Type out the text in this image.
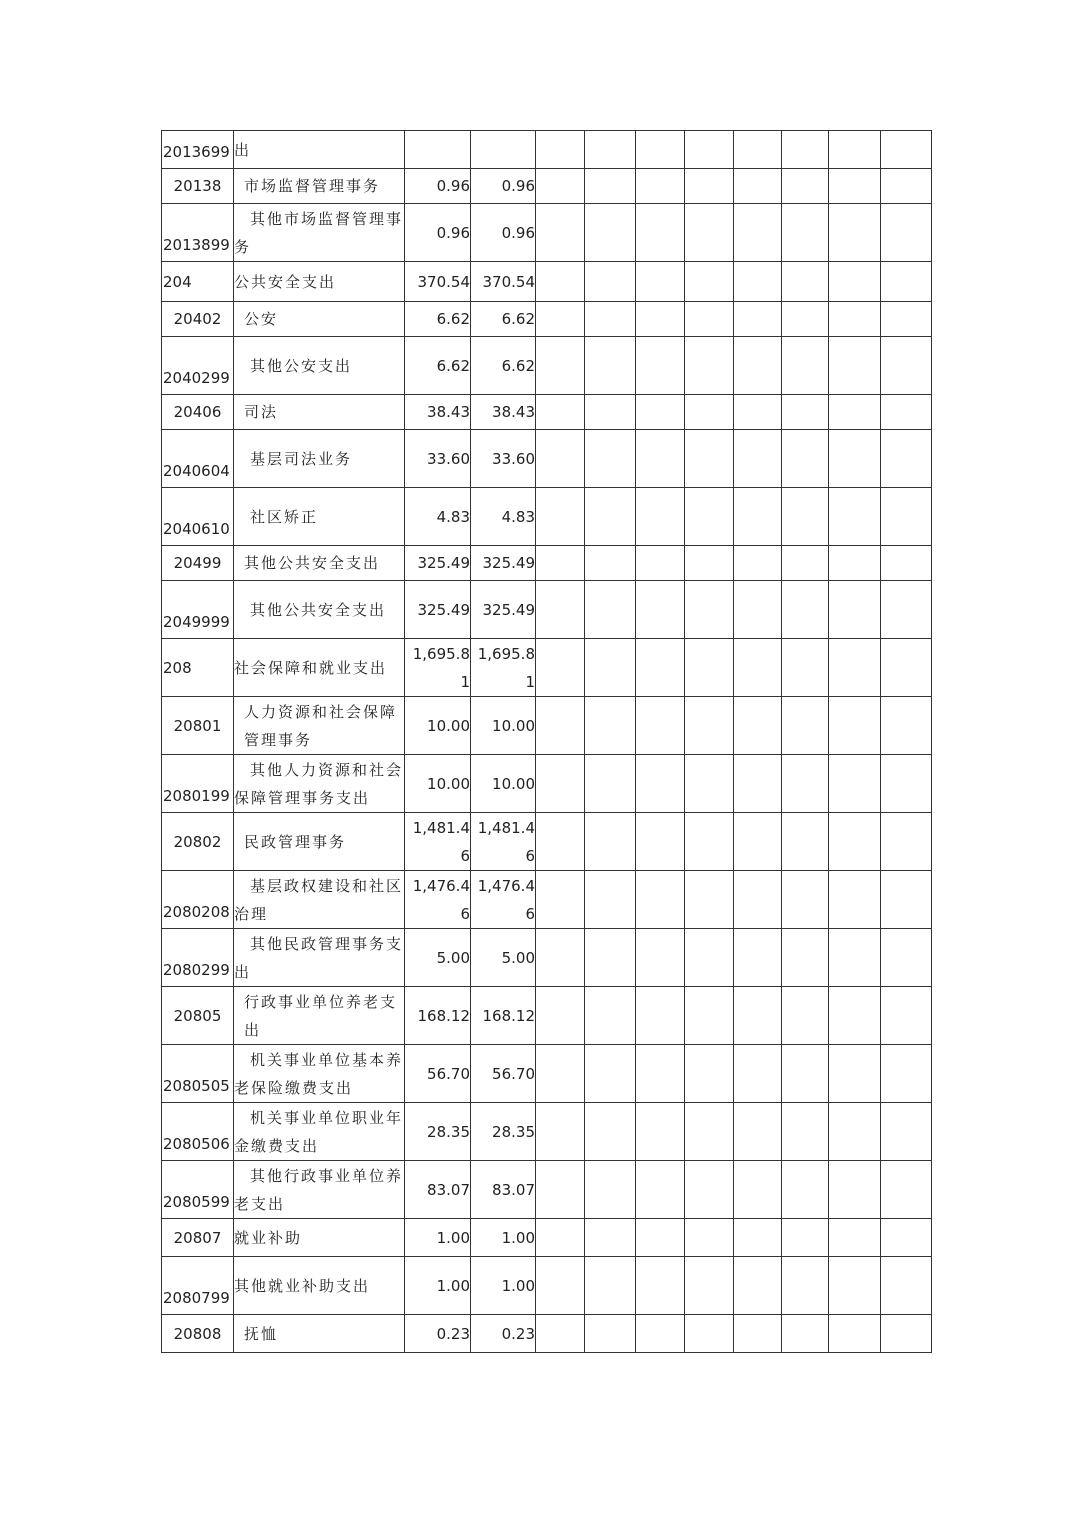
2013699	出										
20138	市场监督管理事务	0.96	0.96								
2013899	其他市场监督管理事务	0.96	0.96								
204	公共安全支出	370.54	370.54								
20402	公安	6.62	6.62								
2040299	其他公安支出	6.62	6.62								
20406	司法	38.43	38.43								
2040604	基层司法业务	33.60	33.60								
2040610	社区矫正	4.83	4.83								
20499	其他公共安全支出	325.49	325.49								
2049999	其他公共安全支出	325.49	325.49								
208	社会保障和就业支出	1,695.81	1,695.81								
20801	人力资源和社会保障管理事务	10.00	10.00								
2080199	其他人力资源和社会保障管理事务支出	10.00	10.00								
20802	民政管理事务	1,481.46	1,481.46								
2080208	基层政权建设和社区治理	1,476.46	1,476.46								
2080299	其他民政管理事务支出	5.00	5.00								
20805	行政事业单位养老支出	168.12	168.12								
2080505	机关事业单位基本养老保险缴费支出	56.70	56.70								
2080506	机关事业单位职业年金缴费支出	28.35	28.35								
2080599	其他行政事业单位养老支出	83.07	83.07								
20807	就业补助	1.00	1.00								
2080799	其他就业补助支出	1.00	1.00								
20808	抚恤	0.23	0.23								
